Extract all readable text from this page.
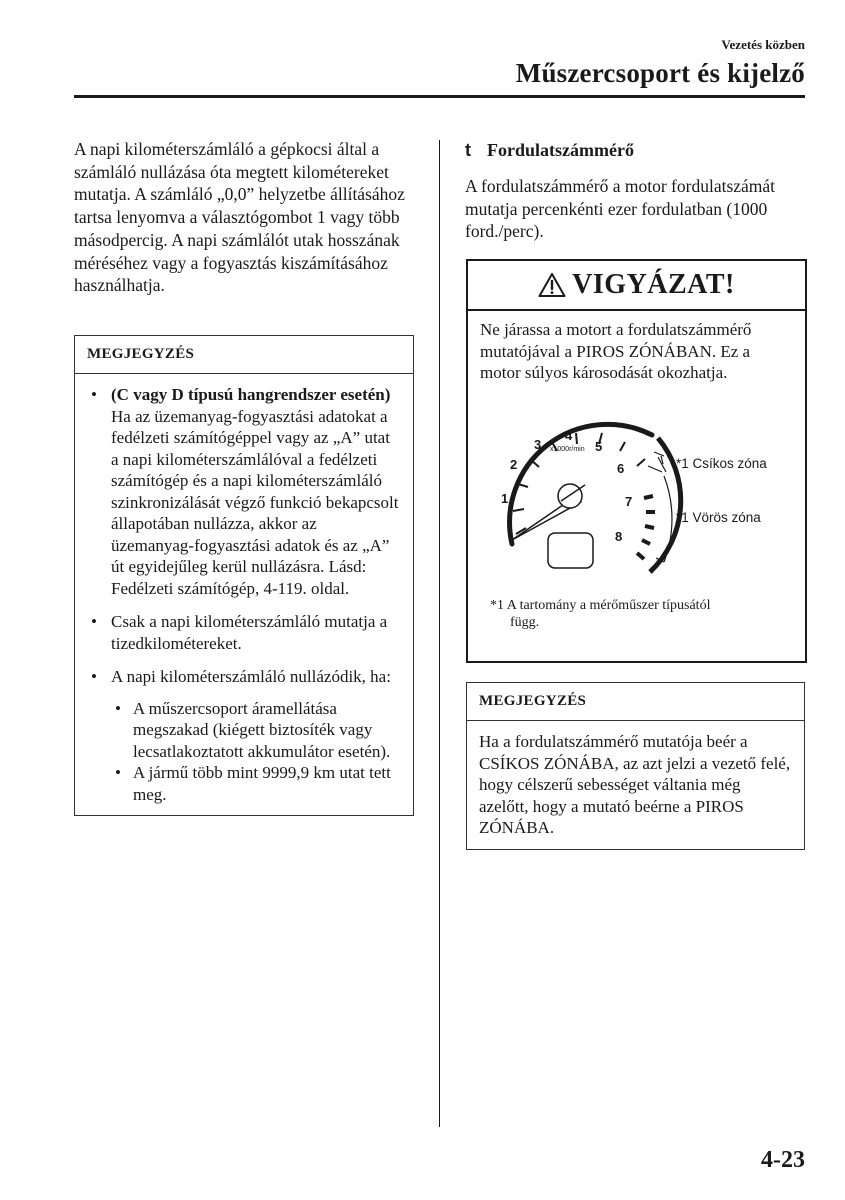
Vezetés közben
Műszercsoport és kijelző

A napi kilométerszámláló a gépkocsi által a számláló nullázása óta megtett kilométereket mutatja. A számláló „0,0” helyzetbe állításához tartsa lenyomva a választógombot 1 vagy több másodpercig. A napi számlálót utak hosszának méréséhez vagy a fogyasztás kiszámításához használhatja.

MEGJEGYZÉS
• (C vagy D típusú hangrendszer esetén)
Ha az üzemanyag-fogyasztási adatokat a fedélzeti számítógéppel vagy az „A” utat a napi kilométerszámlálóval a fedélzeti számítógép és a napi kilométerszámláló szinkronizálását végző funkció bekapcsolt állapotában nullázza, akkor az üzemanyag-fogyasztási adatok és az „A” út egyidejűleg kerül nullázásra. Lásd: Fedélzeti számítógép, 4-119. oldal.
• Csak a napi kilométerszámláló mutatja a tizedkilométereket.
• A napi kilométerszámláló nullázódik, ha:
• A műszercsoport áramellátása megszakad (kiégett biztosíték vagy lecsatlakoztatott akkumulátor esetén).
• A jármű több mint 9999,9 km utat tett meg.
t Fordulatszámmérő

A fordulatszámmérő a motor fordulatszámát mutatja percenkénti ezer fordulatban (1000 ford./perc).

VIGYÁZAT!
Ne járassa a motort a fordulatszámmérő mutatójával a PIROS ZÓNÁBAN. Ez a motor súlyos károsodását okozhatja.
1
2
3
4
5
6
7
8
x1000r/min
*1 Csíkos zóna
*1 Vörös zóna
*1 A tartomány a mérőműszer típusától
függ.
MEGJEGYZÉS
Ha a fordulatszámmérő mutatója beér a CSÍKOS ZÓNÁBA, az azt jelzi a vezető felé, hogy célszerű sebességet váltania még azelőtt, hogy a mutató beérne a PIROS ZÓNÁBA.
4-23
